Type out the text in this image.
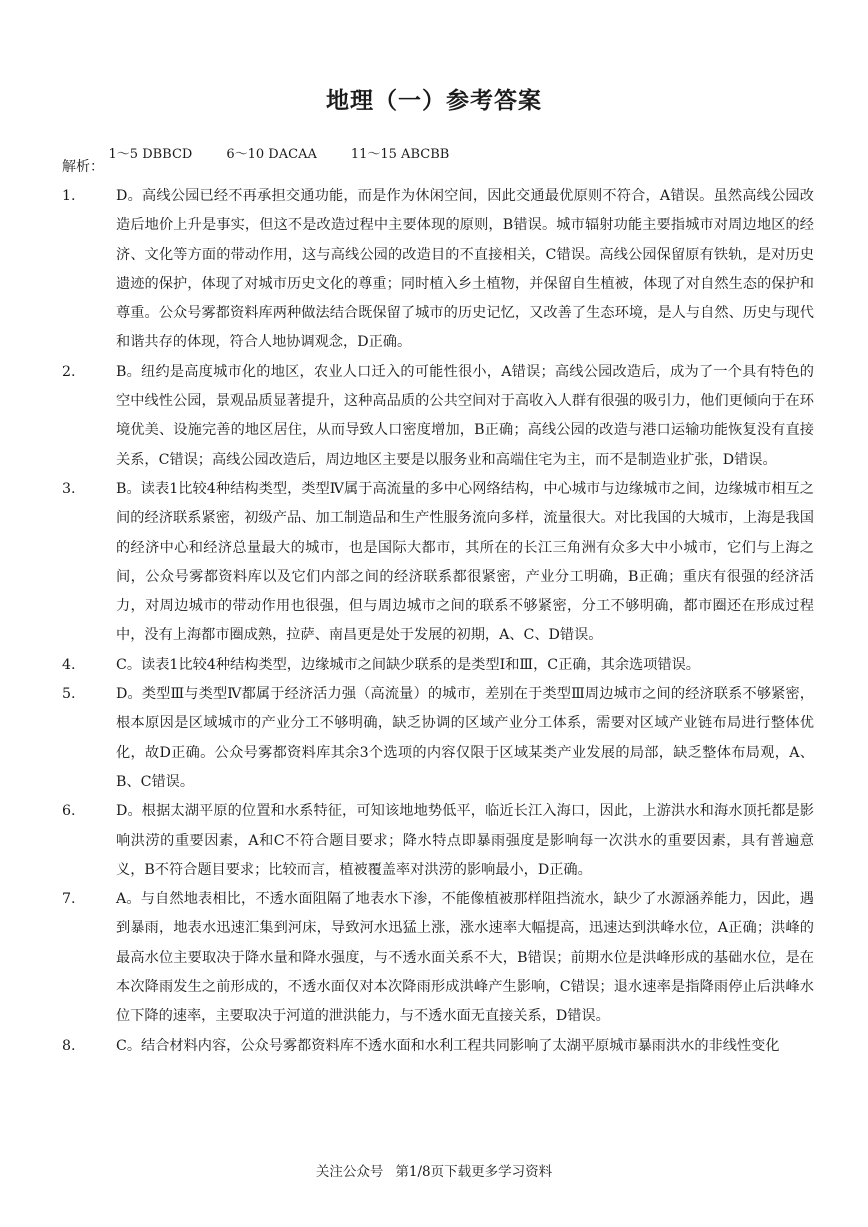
地理（一）参考答案

1～5 DBBCD	6～10 DACAA	11～15 ABCBB

解析：
1.	D。高线公园已经不再承担交通功能，而是作为休闲空间，因此交通最优原则不符合，A错误。虽然高线公园改造后地价上升是事实，但这不是改造过程中主要体现的原则，B错误。城市辐射功能主要指城市对周边地区的经济、文化等方面的带动作用，这与高线公园的改造目的不直接相关，C错误。高线公园保留原有铁轨，是对历史遗迹的保护，体现了对城市历史文化的尊重；同时植入乡土植物，并保留自生植被，体现了对自然生态的保护和尊重。公众号雾都资料库两种做法结合既保留了城市的历史记忆，又改善了生态环境，是人与自然、历史与现代和谐共存的体现，符合人地协调观念，D正确。
2.	B。纽约是高度城市化的地区，农业人口迁入的可能性很小，A错误；高线公园改造后，成为了一个具有特色的空中线性公园，景观品质显著提升，这种高品质的公共空间对于高收入人群有很强的吸引力，他们更倾向于在环境优美、设施完善的地区居住，从而导致人口密度增加，B正确；高线公园的改造与港口运输功能恢复没有直接关系，C错误；高线公园改造后，周边地区主要是以服务业和高端住宅为主，而不是制造业扩张，D错误。
3.	B。读表1比较4种结构类型，类型Ⅳ属于高流量的多中心网络结构，中心城市与边缘城市之间，边缘城市相互之间的经济联系紧密，初级产品、加工制造品和生产性服务流向多样，流量很大。对比我国的大城市，上海是我国的经济中心和经济总量最大的城市，也是国际大都市，其所在的长江三角洲有众多大中小城市，它们与上海之间，公众号雾都资料库以及它们内部之间的经济联系都很紧密，产业分工明确，B正确；重庆有很强的经济活力，对周边城市的带动作用也很强，但与周边城市之间的联系不够紧密，分工不够明确，都市圈还在形成过程中，没有上海都市圈成熟，拉萨、南昌更是处于发展的初期，A、C、D错误。
4.	C。读表1比较4种结构类型，边缘城市之间缺少联系的是类型Ⅰ和Ⅲ，C正确，其余选项错误。
5.	D。类型Ⅲ与类型Ⅳ都属于经济活力强（高流量）的城市，差别在于类型Ⅲ周边城市之间的经济联系不够紧密，根本原因是区域城市的产业分工不够明确，缺乏协调的区域产业分工体系，需要对区域产业链布局进行整体优化，故D正确。公众号雾都资料库其余3个选项的内容仅限于区域某类产业发展的局部，缺乏整体布局观，A、B、C错误。
6.	D。根据太湖平原的位置和水系特征，可知该地地势低平，临近长江入海口，因此，上游洪水和海水顶托都是影响洪涝的重要因素，A和C不符合题目要求；降水特点即暴雨强度是影响每一次洪水的重要因素，具有普遍意义，B不符合题目要求；比较而言，植被覆盖率对洪涝的影响最小，D正确。
7.	A。与自然地表相比，不透水面阻隔了地表水下渗，不能像植被那样阻挡流水，缺少了水源涵养能力，因此，遇到暴雨，地表水迅速汇集到河床，导致河水迅猛上涨，涨水速率大幅提高，迅速达到洪峰水位，A正确；洪峰的最高水位主要取决于降水量和降水强度，与不透水面关系不大，B错误；前期水位是洪峰形成的基础水位，是在本次降雨发生之前形成的，不透水面仅对本次降雨形成洪峰产生影响，C错误；退水速率是指降雨停止后洪峰水位下降的速率，主要取决于河道的泄洪能力，与不透水面无直接关系，D错误。
8.	C。结合材料内容，公众号雾都资料库不透水面和水利工程共同影响了太湖平原城市暴雨洪水的非线性变化
关注公众号 第1/8页下载更多学习资料
